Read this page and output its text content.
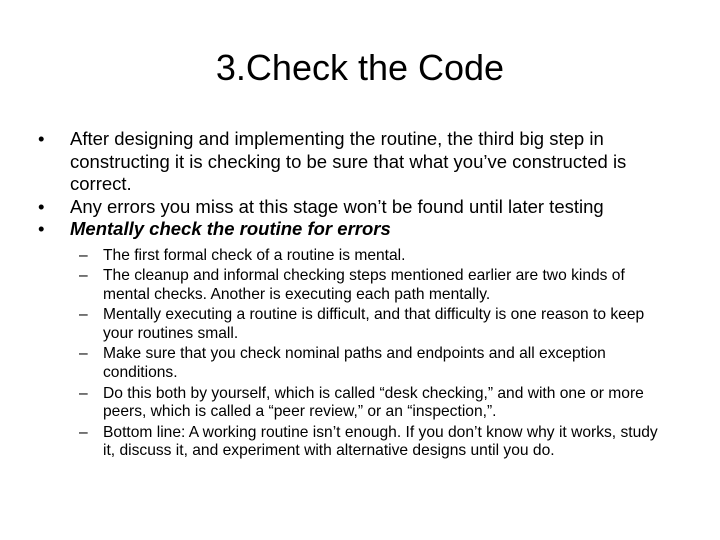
3.Check the Code
•	After designing and implementing the routine, the third big step in constructing it is checking to be sure that what you’ve constructed is correct.
•	Any errors you miss at this stage won’t be found until later testing
•	Mentally check the routine for errors
– The first formal check of a routine is mental.
– The cleanup and informal checking steps mentioned earlier are two kinds of mental checks. Another is executing each path mentally.
– Mentally executing a routine is difficult, and that difficulty is one reason to keep your routines small.
– Make sure that you check nominal paths and endpoints and all exception conditions.
– Do this both by yourself, which is called “desk checking,” and with one or more peers, which is called a “peer review,” or an “inspection,”.
– Bottom line: A working routine isn’t enough. If you don’t know why it works, study it, discuss it, and experiment with alternative designs until you do.
